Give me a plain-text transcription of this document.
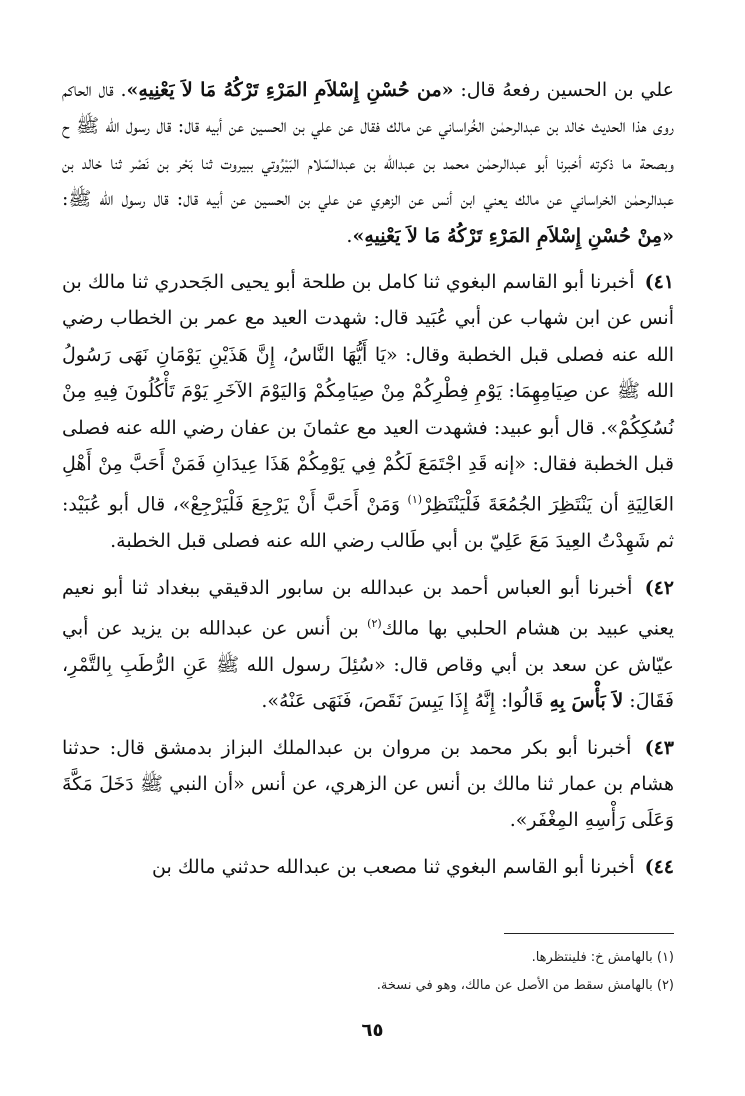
علي بن الحسين رفعهُ قال: «من حُسْنِ إِسْلاَمِ المَرْءِ تَرْكُهُ مَا لاَ يَعْنِيهِ». قال الحاكم روى هذا الحديث خالد بن عبدالرحمٰن الخُراساني عن مالك فقال عن علي بن الحسين عن أبيه قال: قال رسول الله ﷺ ح وبصحة ما ذكرته أخبرنا أبو عبدالرحمٰن محمد بن عبدالله بن عبدالسّلام البَيْرُوتي ببيروت ثنا بَحْر بن نَصْر ثنا خالد بن عبدالرحمٰن الخراساني عن مالك يعني ابن أنس عن الزهري عن علي بن الحسين عن أبيه قال: قال رسول الله ﷺ: «مِنْ حُسْنِ إِسْلاَمِ المَرْءِ تَرْكُهُ مَا لاَ يَعْنِيهِ».

٤١) أخبرنا أبو القاسم البغوي ثنا كامل بن طلحة أبو يحيى الجَحدري ثنا مالك بن أنس عن ابن شهاب عن أبي عُبَيد قال: شهدت العيد مع عمر بن الخطاب رضي الله عنه فصلى قبل الخطبة وقال: «يَا أَيُّهَا النَّاسُ، إِنَّ هَذَيْنِ يَوْمَانِ نَهَى رَسُولُ الله ﷺ عن صِيَامِهِمَا: يَوْمِ فِطْرِكُمْ مِنْ صِيَامِكُمْ وَاليَوْمَ الآخَرِ يَوْمَ تَأْكُلُونَ فِيهِ مِنْ نُسُكِكُمْ». قال أبو عبيد: فشهدت العيد مع عثمانَ بن عفان رضي الله عنه فصلى قبل الخطبة فقال: «إنه قَدِ اجْتَمَعَ لَكُمْ فِي يَوْمِكُمْ هَذَا عِيدَانِ فَمَنْ أَحَبَّ مِنْ أَهْلِ العَالِيَةِ أن يَنْتَظِرَ الجُمُعَةَ فَلْيَنْتَظِرْ$^{(١)}$ وَمَنْ أَحَبَّ أَنْ يَرْجِعَ فَلْيَرْجِعْ»، قال أبو عُبَيْد: ثم شَهِدْتُ العِيدَ مَعَ عَلِيّ بن أبي طَالب رضي الله عنه فصلى قبل الخطبة.

٤٢) أخبرنا أبو العباس أحمد بن عبدالله بن سابور الدقيقي ببغداد ثنا أبو نعيم يعني عبيد بن هشام الحلبي بها مالك$^{(٢)}$ بن أنس عن عبدالله بن يزيد عن أبي عيّاش عن سعد بن أبي وقاص قال: «سُئِلَ رسول الله ﷺ عَنِ الرُّطَبِ بِالتَّمْرِ، فَقَالَ: لاَ بَأْسَ بِهِ قَالُوا: إِنَّهُ إِذَا يَبِسَ نَقَصَ، فَنَهَى عَنْهُ».

٤٣) أخبرنا أبو بكر محمد بن مروان بن عبدالملك البزاز بدمشق قال: حدثنا هشام بن عمار ثنا مالك بن أنس عن الزهري، عن أنس «أن النبي ﷺ دَخَلَ مَكَّةَ وَعَلَى رَأْسِهِ المِغْفَر».

٤٤) أخبرنا أبو القاسم البغوي ثنا مصعب بن عبدالله حدثني مالك بن

(١) بالهامش خ: فلينتظرها.
(٢) بالهامش سقط من الأصل عن مالك، وهو في نسخة.
٦٥
